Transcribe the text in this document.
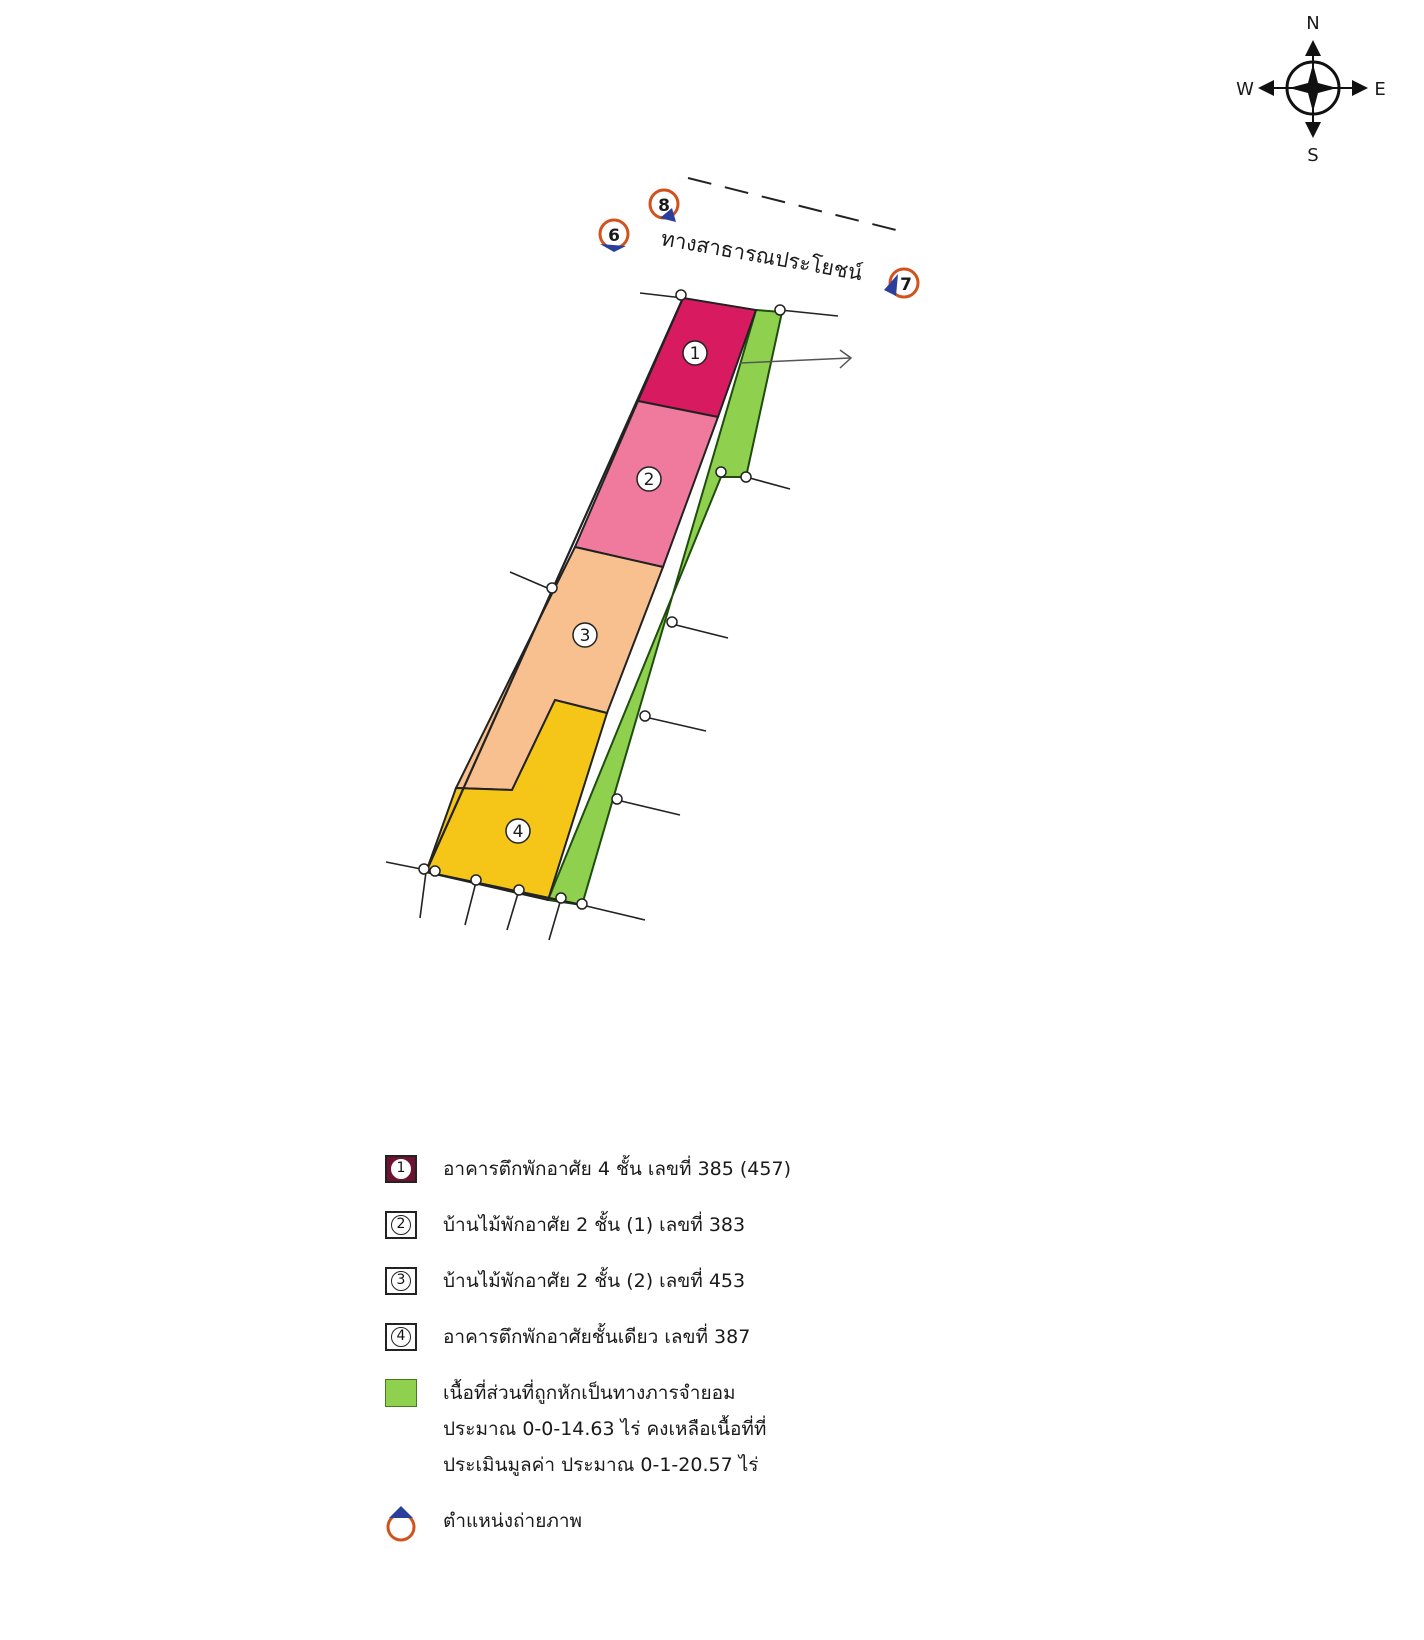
N
S
E
W
ทางสาธารณประโยชน์
1
2
3
4
6
8
7
1 อาคารตึกพักอาศัย 4 ชั้น เลขที่ 385 (457)
2 บ้านไม้พักอาศัย 2 ชั้น (1) เลขที่ 383
3 บ้านไม้พักอาศัย 2 ชั้น (2) เลขที่ 453
4 อาคารตึกพักอาศัยชั้นเดียว เลขที่ 387
เนื้อที่ส่วนที่ถูกหักเป็นทางภารจำยอม
ประมาณ 0-0-14.63 ไร่ คงเหลือเนื้อที่ที่
ประเมินมูลค่า ประมาณ 0-1-20.57 ไร่
ตำแหน่งถ่ายภาพ
